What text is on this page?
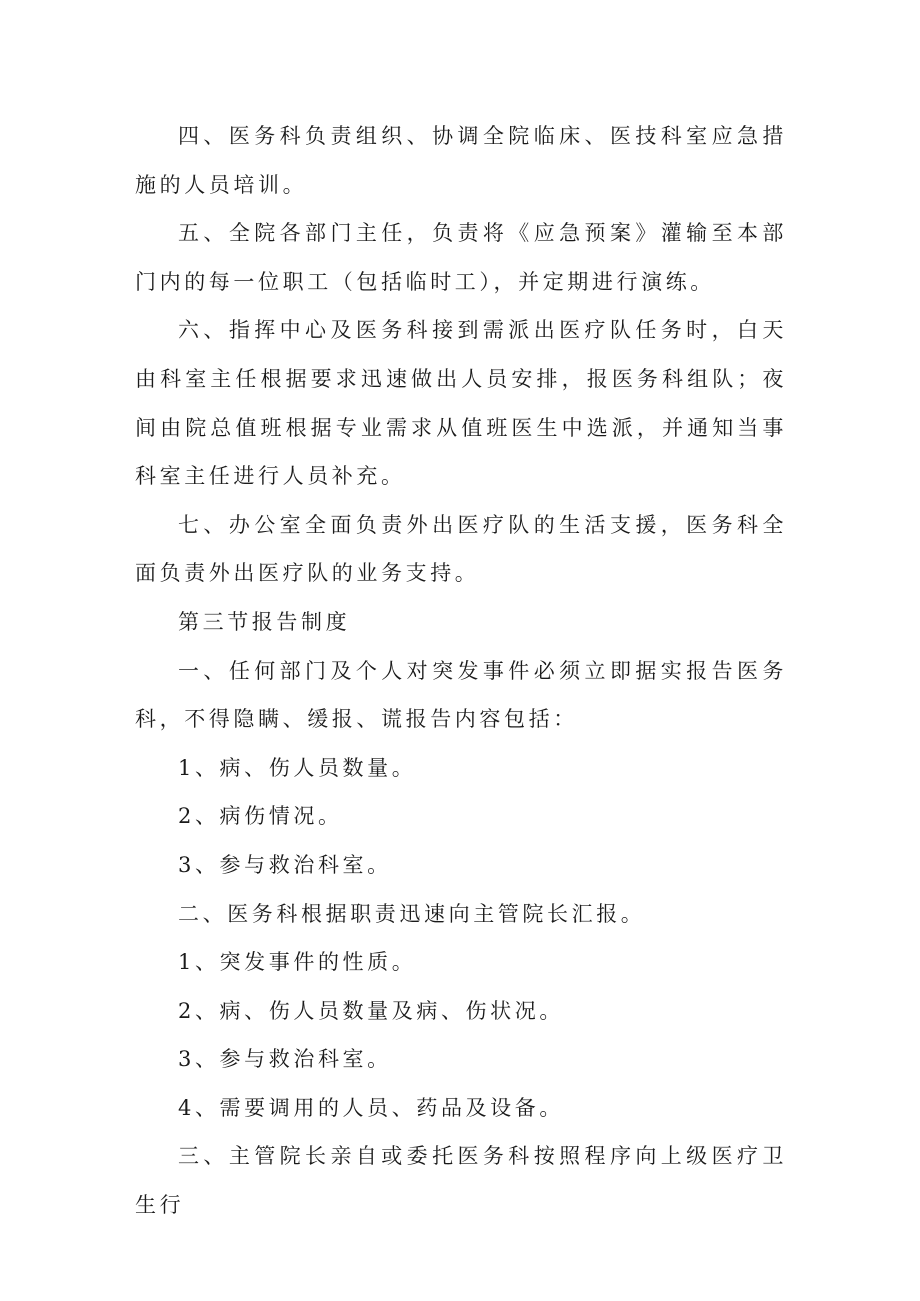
四、医务科负责组织、协调全院临床、医技科室应急措施的人员培训。

五、全院各部门主任，负责将《应急预案》灌输至本部门内的每一位职工（包括临时工），并定期进行演练。

六、指挥中心及医务科接到需派出医疗队任务时，白天由科室主任根据要求迅速做出人员安排，报医务科组队；夜间由院总值班根据专业需求从值班医生中选派，并通知当事科室主任进行人员补充。

七、办公室全面负责外出医疗队的生活支援，医务科全面负责外出医疗队的业务支持。

第三节报告制度

一、任何部门及个人对突发事件必须立即据实报告医务科，不得隐瞒、缓报、谎报告内容包括：

1、病、伤人员数量。

2、病伤情况。

3、参与救治科室。

二、医务科根据职责迅速向主管院长汇报。

1、突发事件的性质。

2、病、伤人员数量及病、伤状况。

3、参与救治科室。

4、需要调用的人员、药品及设备。

三、主管院长亲自或委托医务科按照程序向上级医疗卫生行
